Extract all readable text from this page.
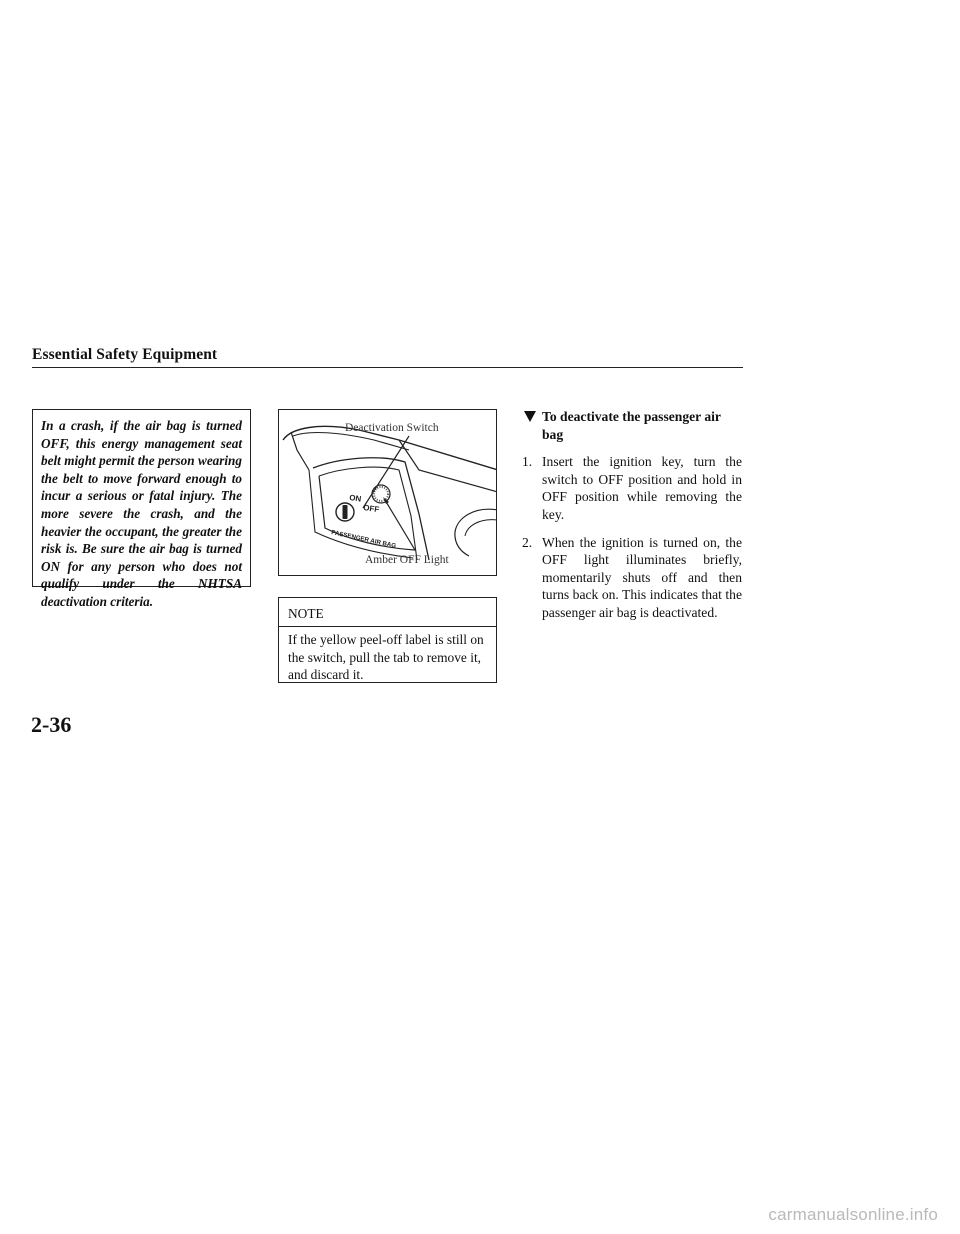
Essential Safety Equipment
In a crash, if the air bag is turned OFF, this energy management seat belt might permit the person wearing the belt to move forward enough to incur a serious or fatal injury. The more severe the crash, and the heavier the occupant, the greater the risk is. Be sure the air bag is turned ON for any person who does not qualify under the NHTSA deactivation criteria.
ON
OFF
PASSENGER AIR BAG
Deactivation Switch
Amber OFF Light
NOTE
If the yellow peel-off label is still on the switch, pull the tab to remove it, and discard it.
To deactivate the passenger air bag
1. Insert the ignition key, turn the switch to OFF position and hold in OFF position while removing the key.
2. When the ignition is turned on, the OFF light illuminates briefly, momentarily shuts off and then turns back on. This indicates that the passenger air bag is deactivated.
2-36
carmanualsonline.info
